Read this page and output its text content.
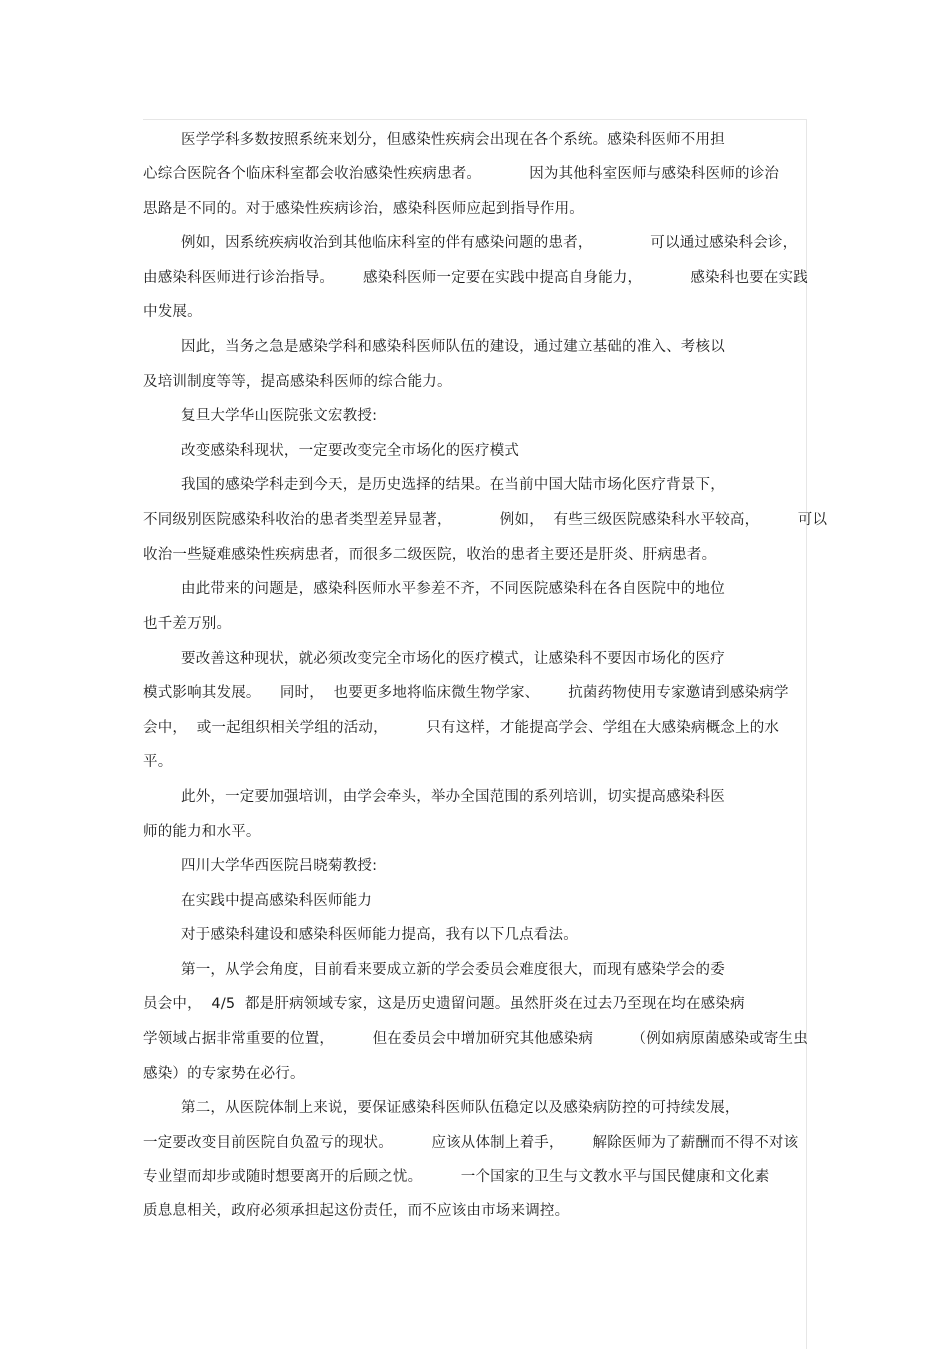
医学学科多数按照系统来划分，但感染性疾病会出现在各个系统。感染科医师不用担
心综合医院各个临床科室都会收治感染性疾病患者。          因为其他科室医师与感染科医师的诊治
思路是不同的。对于感染性疾病诊治，感染科医师应起到指导作用。
例如，因系统疾病收治到其他临床科室的伴有感染问题的患者，            可以通过感染科会诊，
由感染科医师进行诊治指导。      感染科医师一定要在实践中提高自身能力，          感染科也要在实践
中发展。
因此，当务之急是感染学科和感染科医师队伍的建设，通过建立基础的准入、考核以
及培训制度等等，提高感染科医师的综合能力。
复旦大学华山医院张文宏教授:
改变感染科现状，一定要改变完全市场化的医疗模式
我国的感染学科走到今天，是历史选择的结果。在当前中国大陆市场化医疗背景下，
不同级别医院感染科收治的患者类型差异显著，          例如，  有些三级医院感染科水平较高，        可以
收治一些疑难感染性疾病患者，而很多二级医院，收治的患者主要还是肝炎、肝病患者。
由此带来的问题是，感染科医师水平参差不齐，不同医院感染科在各自医院中的地位
也千差万别。
要改善这种现状，就必须改变完全市场化的医疗模式，让感染科不要因市场化的医疗
模式影响其发展。    同时，  也要更多地将临床微生物学家、      抗菌药物使用专家邀请到感染病学
会中，  或一起组织相关学组的活动，        只有这样，才能提高学会、学组在大感染病概念上的水
平。
此外，一定要加强培训，由学会牵头，举办全国范围的系列培训，切实提高感染科医
师的能力和水平。
四川大学华西医院吕晓菊教授:
在实践中提高感染科医师能力
对于感染科建设和感染科医师能力提高，我有以下几点看法。
第一，从学会角度，目前看来要成立新的学会委员会难度很大，而现有感染学会的委
员会中，  4/5  都是肝病领域专家，这是历史遗留问题。虽然肝炎在过去乃至现在均在感染病
学领域占据非常重要的位置，        但在委员会中增加研究其他感染病        （例如病原菌感染或寄生虫
感染）的专家势在必行。
第二，从医院体制上来说，要保证感染科医师队伍稳定以及感染病防控的可持续发展，
一定要改变目前医院自负盈亏的现状。        应该从体制上着手，      解除医师为了薪酬而不得不对该
专业望而却步或随时想要离开的后顾之忧。        一个国家的卫生与文教水平与国民健康和文化素
质息息相关，政府必须承担起这份责任，而不应该由市场来调控。
